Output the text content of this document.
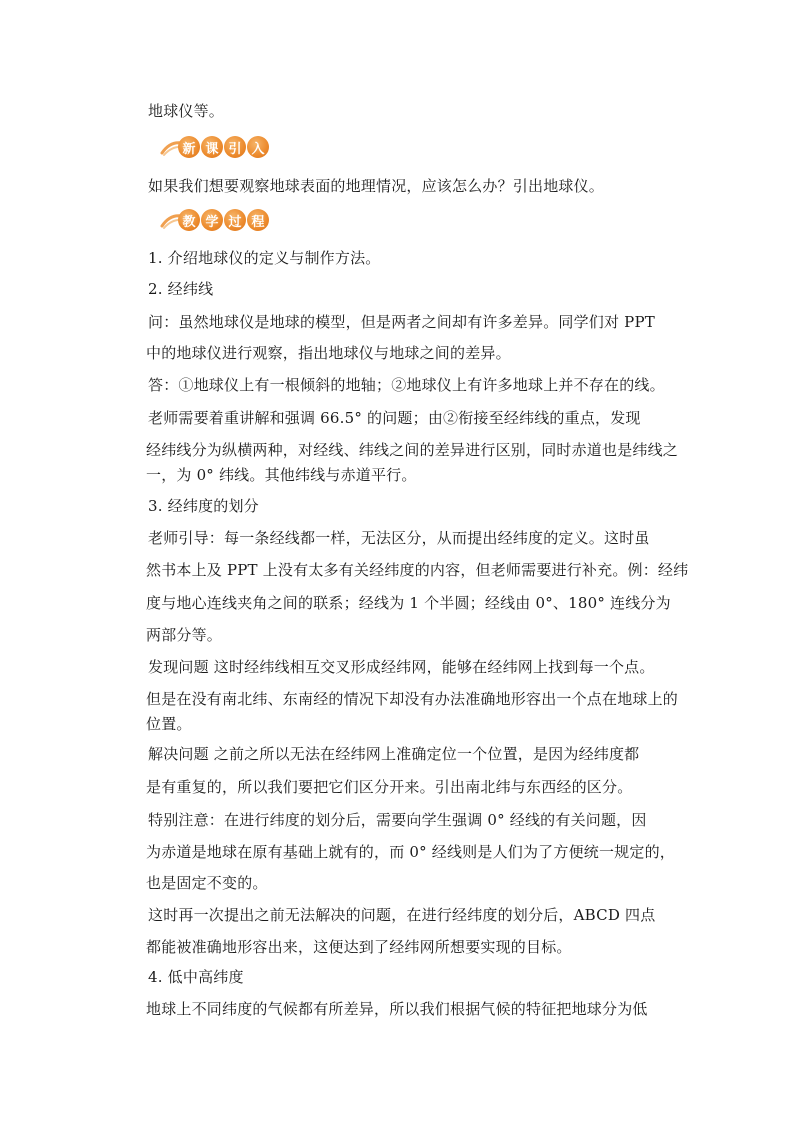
地球仪等。
新 课 引 入
如果我们想要观察地球表面的地理情况，应该怎么办？引出地球仪。
教 学 过 程
1. 介绍地球仪的定义与制作方法。
2. 经纬线
问：虽然地球仪是地球的模型，但是两者之间却有许多差异。同学们对 PPT
中的地球仪进行观察，指出地球仪与地球之间的差异。
答：①地球仪上有一根倾斜的地轴；②地球仪上有许多地球上并不存在的线。
老师需要着重讲解和强调 66.5° 的问题；由②衔接至经纬线的重点，发现
经纬线分为纵横两种，对经线、纬线之间的差异进行区别，同时赤道也是纬线之
一，为 0° 纬线。其他纬线与赤道平行。
3. 经纬度的划分
老师引导：每一条经线都一样，无法区分，从而提出经纬度的定义。这时虽
然书本上及 PPT 上没有太多有关经纬度的内容，但老师需要进行补充。例：经纬
度与地心连线夹角之间的联系；经线为 1 个半圆；经线由 0°、180° 连线分为
两部分等。
发现问题 这时经纬线相互交叉形成经纬网，能够在经纬网上找到每一个点。
但是在没有南北纬、东南经的情况下却没有办法准确地形容出一个点在地球上的
位置。
解决问题 之前之所以无法在经纬网上准确定位一个位置，是因为经纬度都
是有重复的，所以我们要把它们区分开来。引出南北纬与东西经的区分。
特别注意：在进行纬度的划分后，需要向学生强调 0° 经线的有关问题，因
为赤道是地球在原有基础上就有的，而 0° 经线则是人们为了方便统一规定的，
也是固定不变的。
这时再一次提出之前无法解决的问题，在进行经纬度的划分后，ABCD 四点
都能被准确地形容出来，这便达到了经纬网所想要实现的目标。
4. 低中高纬度
地球上不同纬度的气候都有所差异，所以我们根据气候的特征把地球分为低
